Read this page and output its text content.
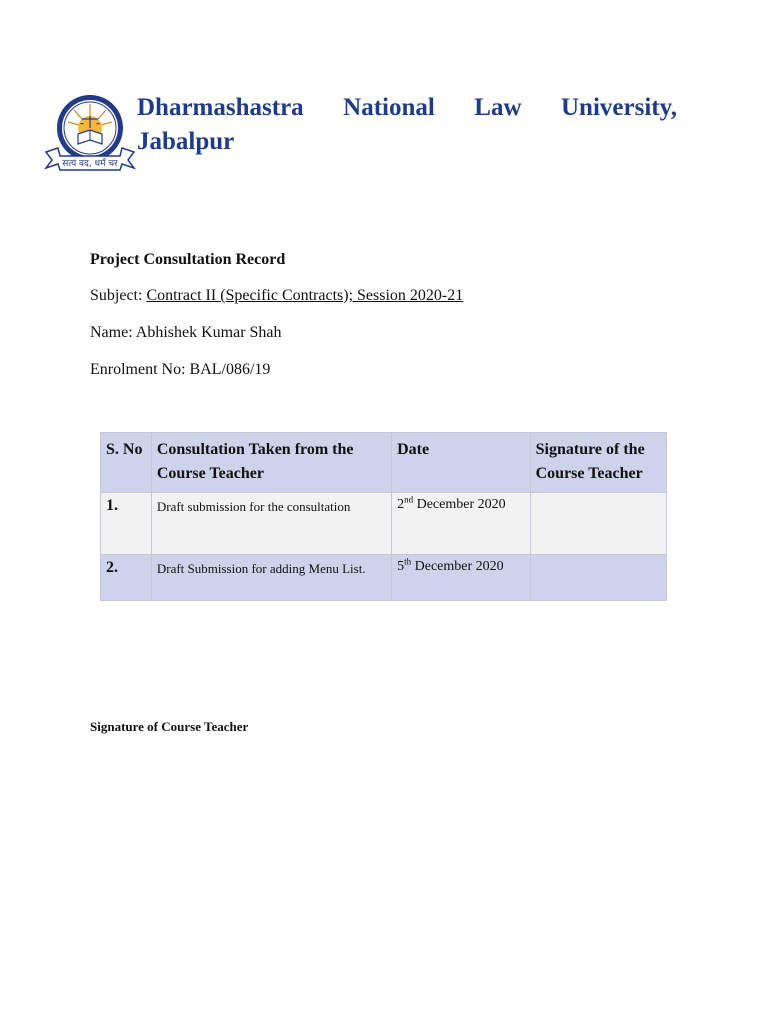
सत्यं वद, धर्मं चर
Dharmashastra National Law University,
Jabalpur
Project Consultation Record
Subject: Contract II (Specific Contracts); Session 2020-21
Name: Abhishek Kumar Shah
Enrolment No: BAL/086/19
S. No	Consultation Taken from the Course Teacher	Date	Signature of the Course Teacher
1.	Draft submission for the consultation	2nd December 2020	
2.	Draft Submission for adding Menu List.	5th December 2020	
Signature of Course Teacher
